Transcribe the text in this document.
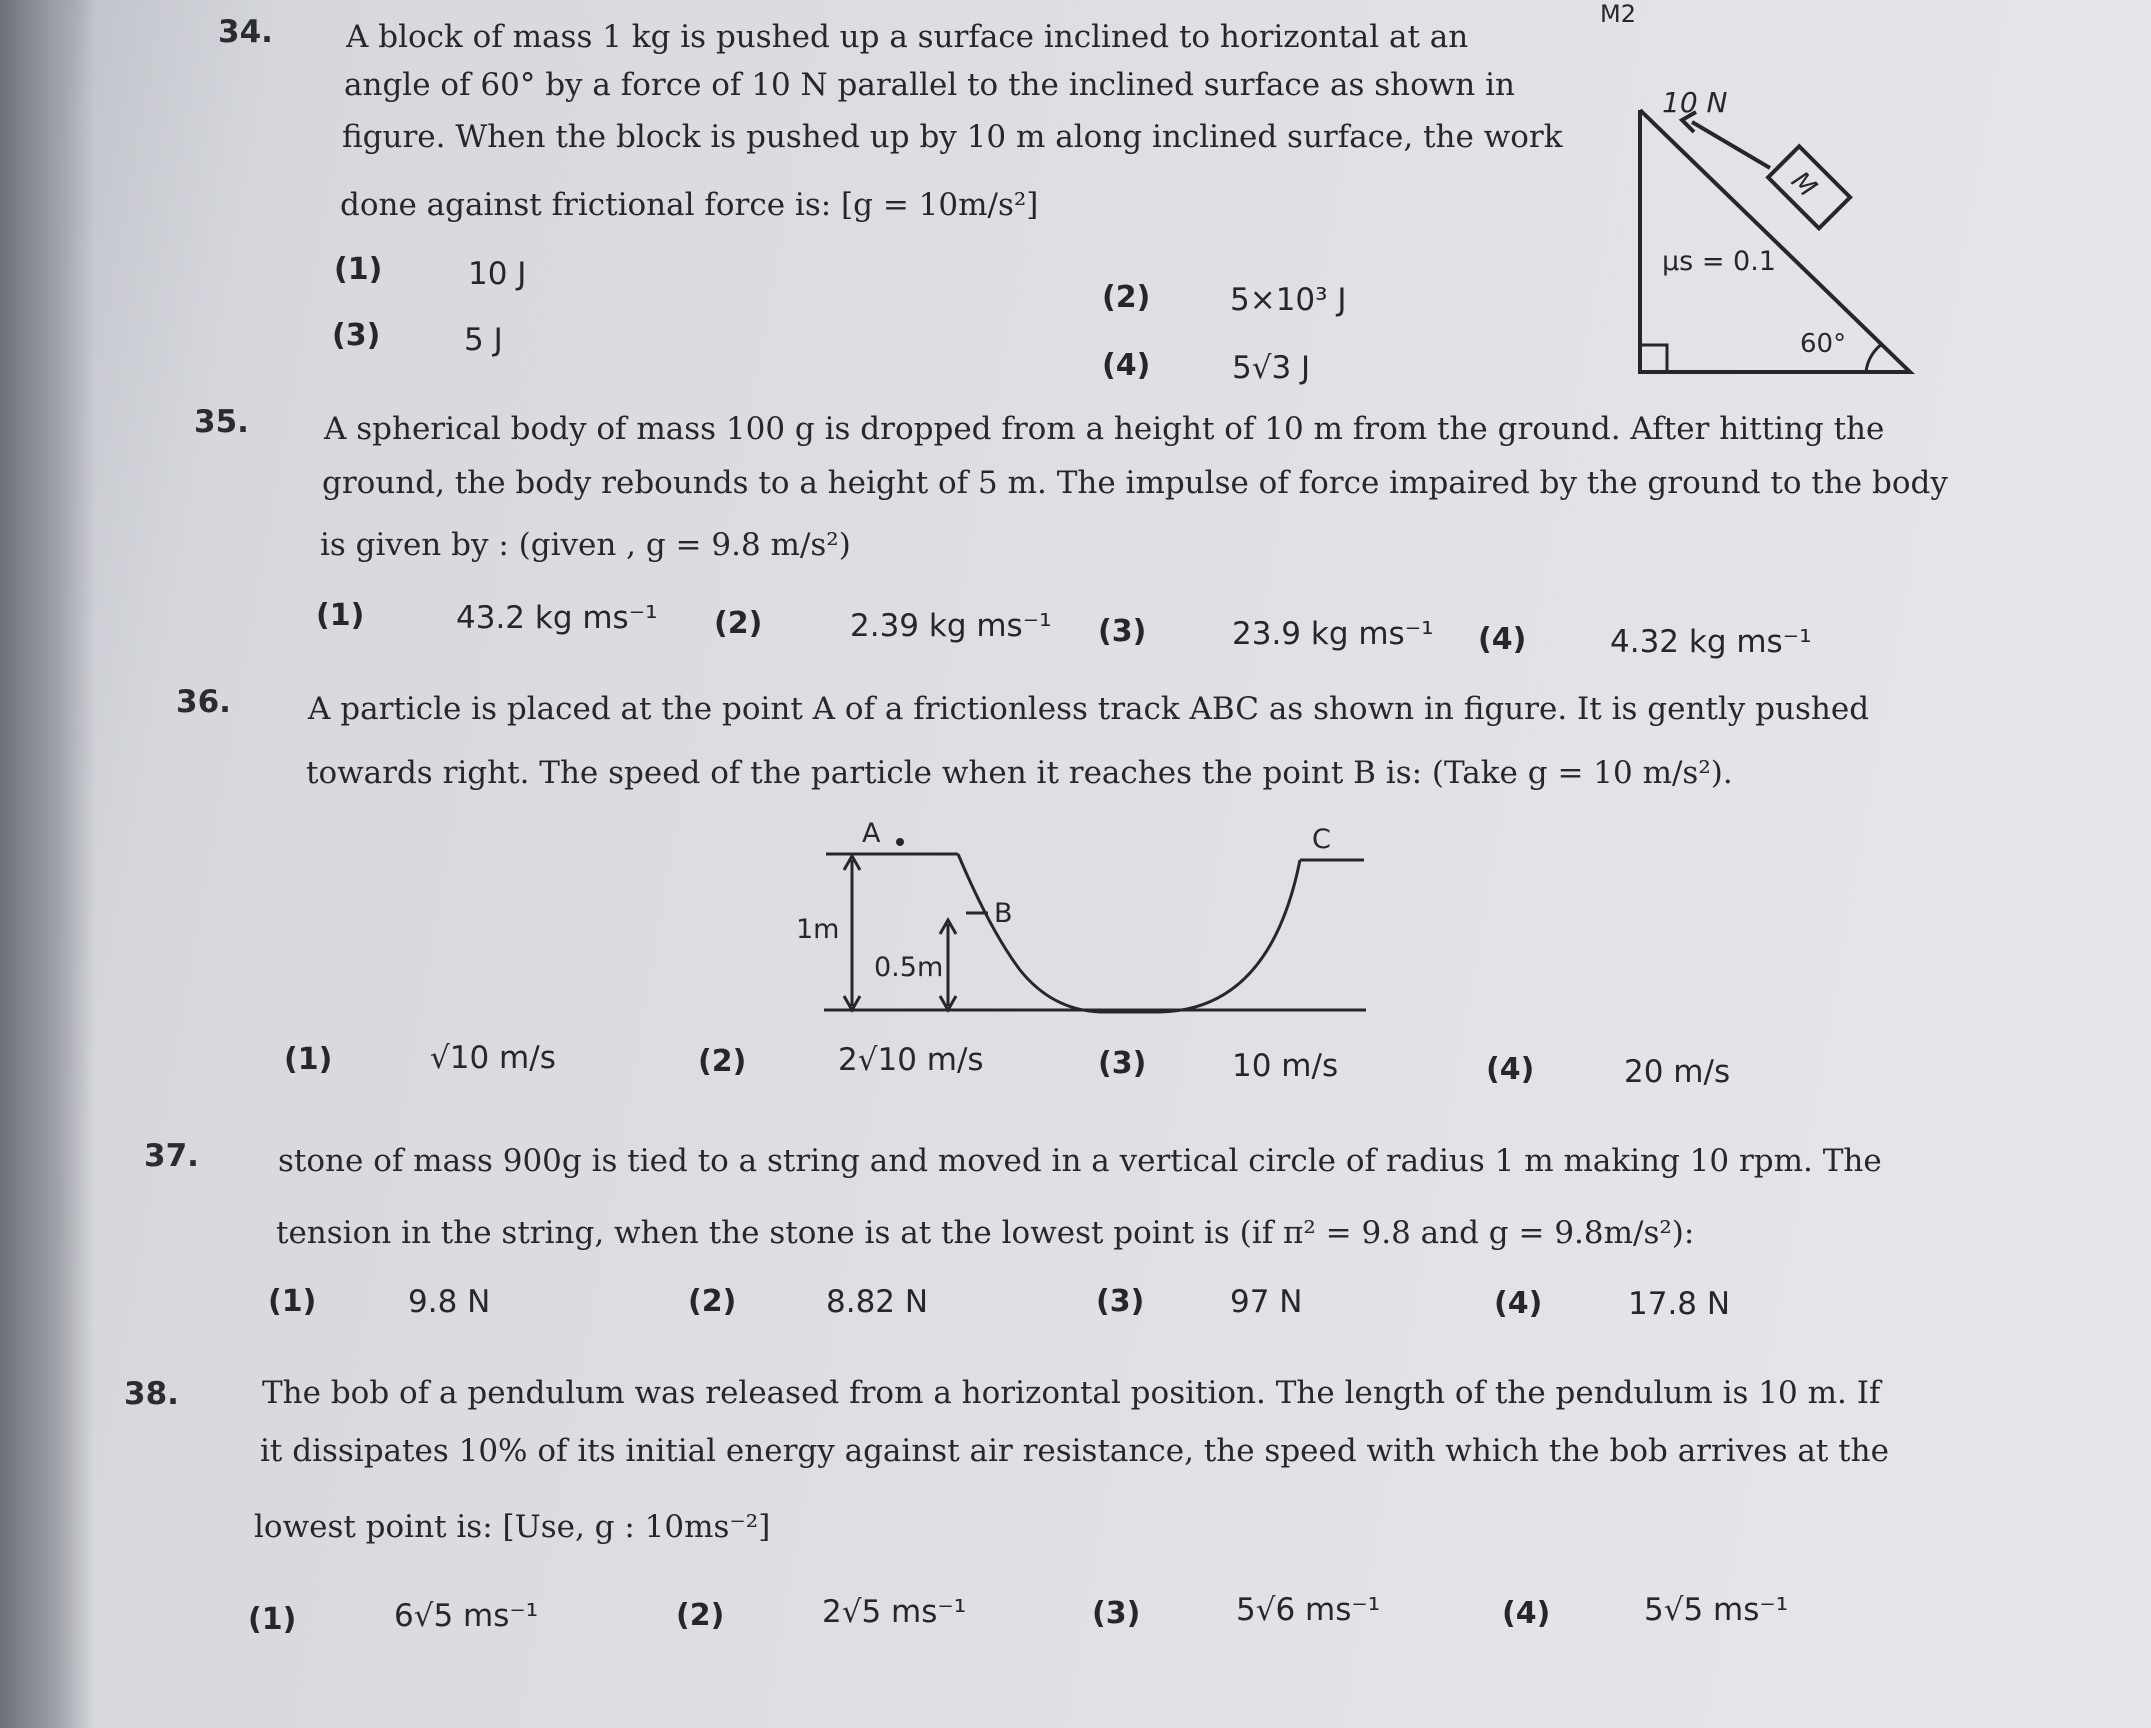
M2
34. A block of mass 1 kg is pushed up a surface inclined to horizontal at an
angle of 60° by a force of 10 N parallel to the inclined surface as shown in
figure. When the block is pushed up by 10 m along inclined surface, the work
done against frictional force is: [g = 10m/s²]
(1)	10 J
(2)	5×10³ J
(3)	5 J
(4)	5√3 J
M
10 N
μs = 0.1
60°
35. A spherical body of mass 100 g is dropped from a height of 10 m from the ground. After hitting the
ground, the body rebounds to a height of 5 m. The impulse of force impaired by the ground to the body
is given by : (given , g = 9.8 m/s²)
(1)	43.2 kg ms⁻¹ (2)	2.39 kg ms⁻¹ (3)	23.9 kg ms⁻¹ (4)	4.32 kg ms⁻¹
36. A particle is placed at the point A of a frictionless track ABC as shown in figure. It is gently pushed
towards right. The speed of the particle when it reaches the point B is: (Take g = 10 m/s²).
A
B
C
1m
0.5m
(1)	√10 m/s	(2)	2√10 m/s	(3)	10 m/s	(4)	20 m/s
37.	stone of mass 900g is tied to a string and moved in a vertical circle of radius 1 m making 10 rpm. The
tension in the string, when the stone is at the lowest point is (if π² = 9.8 and g = 9.8m/s²):
(1)	9.8 N	(2)	8.82 N	(3)	97 N	(4)	17.8 N
38.	The bob of a pendulum was released from a horizontal position. The length of the pendulum is 10 m. If
it dissipates 10% of its initial energy against air resistance, the speed with which the bob arrives at the
lowest point is: [Use, g : 10ms⁻²]
(1)	6√5 ms⁻¹	(2)	2√5 ms⁻¹	(3)	5√6 ms⁻¹	(4)	5√5 ms⁻¹
